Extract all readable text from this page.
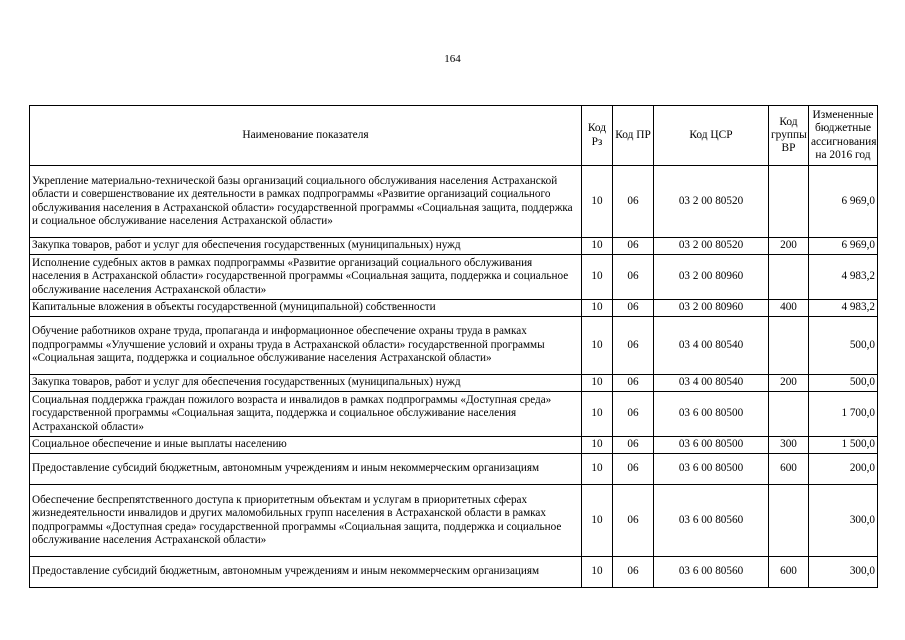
164
Наименование показателя	Код Рз	Код ПР	Код ЦСР	Код группы ВР	Измененные бюджетные ассигнования на 2016 год
Укрепление материально-технической базы организаций социального обслуживания населения Астраханской области и совершенствование их деятельности в рамках подпрограммы «Развитие организаций социального обслуживания населения в Астраханской области» государственной программы «Социальная защита, поддержка и социальное обслуживание населения Астраханской области»	10	06	03 2 00 80520		6 969,0
Закупка товаров, работ и услуг для обеспечения государственных (муниципальных) нужд	10	06	03 2 00 80520	200	6 969,0
Исполнение судебных актов в рамках подпрограммы «Развитие организаций социального обслуживания населения в Астраханской области» государственной программы «Социальная защита, поддержка и социальное обслуживание населения Астраханской области»	10	06	03 2 00 80960		4 983,2
Капитальные вложения в объекты государственной (муниципальной) собственности	10	06	03 2 00 80960	400	4 983,2
Обучение работников охране труда, пропаганда и информационное обеспечение охраны труда в рамках подпрограммы «Улучшение условий и охраны труда в Астраханской области» государственной программы «Социальная защита, поддержка и социальное обслуживание населения Астраханской области»	10	06	03 4 00 80540		500,0
Закупка товаров, работ и услуг для обеспечения государственных (муниципальных) нужд	10	06	03 4 00 80540	200	500,0
Социальная поддержка граждан пожилого возраста и инвалидов в рамках подпрограммы «Доступная среда» государственной программы «Социальная защита, поддержка и социальное обслуживание населения Астраханской области»	10	06	03 6 00 80500		1 700,0
Социальное обеспечение и иные выплаты населению	10	06	03 6 00 80500	300	1 500,0
Предоставление субсидий бюджетным, автономным учреждениям и иным некоммерческим организациям	10	06	03 6 00 80500	600	200,0
Обеспечение беспрепятственного доступа к приоритетным объектам и услугам в приоритетных сферах жизнедеятельности инвалидов и других маломобильных групп населения в Астраханской области в рамках подпрограммы «Доступная среда» государственной программы «Социальная защита, поддержка и социальное обслуживание населения Астраханской области»	10	06	03 6 00 80560		300,0
Предоставление субсидий бюджетным, автономным учреждениям и иным некоммерческим организациям	10	06	03 6 00 80560	600	300,0
